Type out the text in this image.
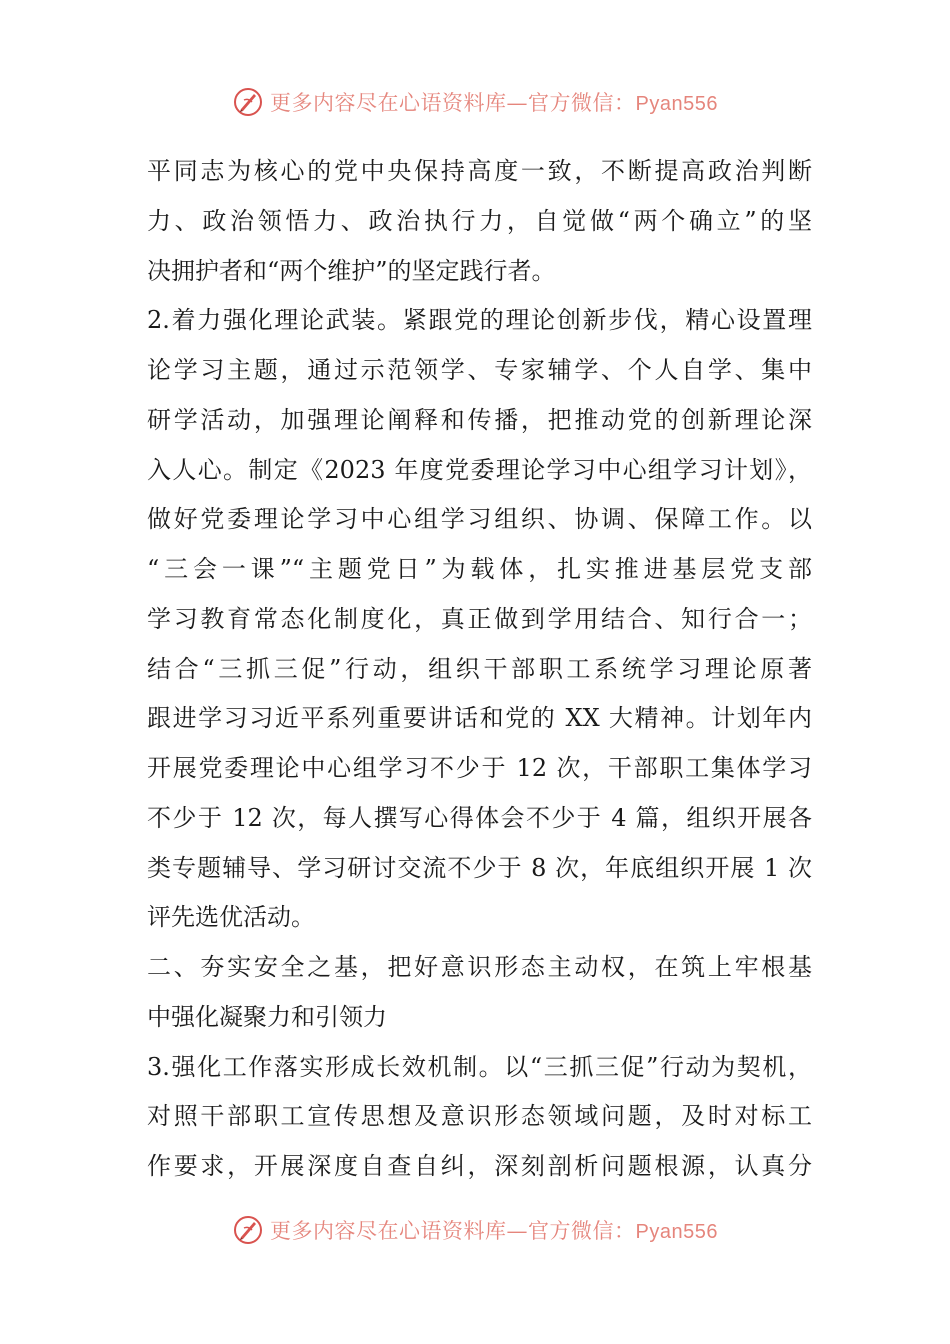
更多内容尽在心语资料库—官方微信：Pyan556
平同志为核心的党中央保持高度一致，不断提高政治判断
力、政治领悟力、政治执行力，自觉做“两个确立”的坚
决拥护者和“两个维护”的坚定践行者。
2.着力强化理论武装。紧跟党的理论创新步伐，精心设置理
论学习主题，通过示范领学、专家辅学、个人自学、集中
研学活动，加强理论阐释和传播，把推动党的创新理论深
入人心。制定《2023 年度党委理论学习中心组学习计划》，
做好党委理论学习中心组学习组织、协调、保障工作。以
“三会一课”“主题党日”为载体，扎实推进基层党支部
学习教育常态化制度化，真正做到学用结合、知行合一；
结合“三抓三促”行动，组织干部职工系统学习理论原著
跟进学习习近平系列重要讲话和党的 XX 大精神。计划年内
开展党委理论中心组学习不少于 12 次，干部职工集体学习
不少于 12 次，每人撰写心得体会不少于 4 篇，组织开展各
类专题辅导、学习研讨交流不少于 8 次，年底组织开展 1 次
评先选优活动。
二、夯实安全之基，把好意识形态主动权，在筑上牢根基
中强化凝聚力和引领力
3.强化工作落实形成长效机制。以“三抓三促”行动为契机，
对照干部职工宣传思想及意识形态领域问题，及时对标工
作要求，开展深度自查自纠，深刻剖析问题根源，认真分
更多内容尽在心语资料库—官方微信：Pyan556
